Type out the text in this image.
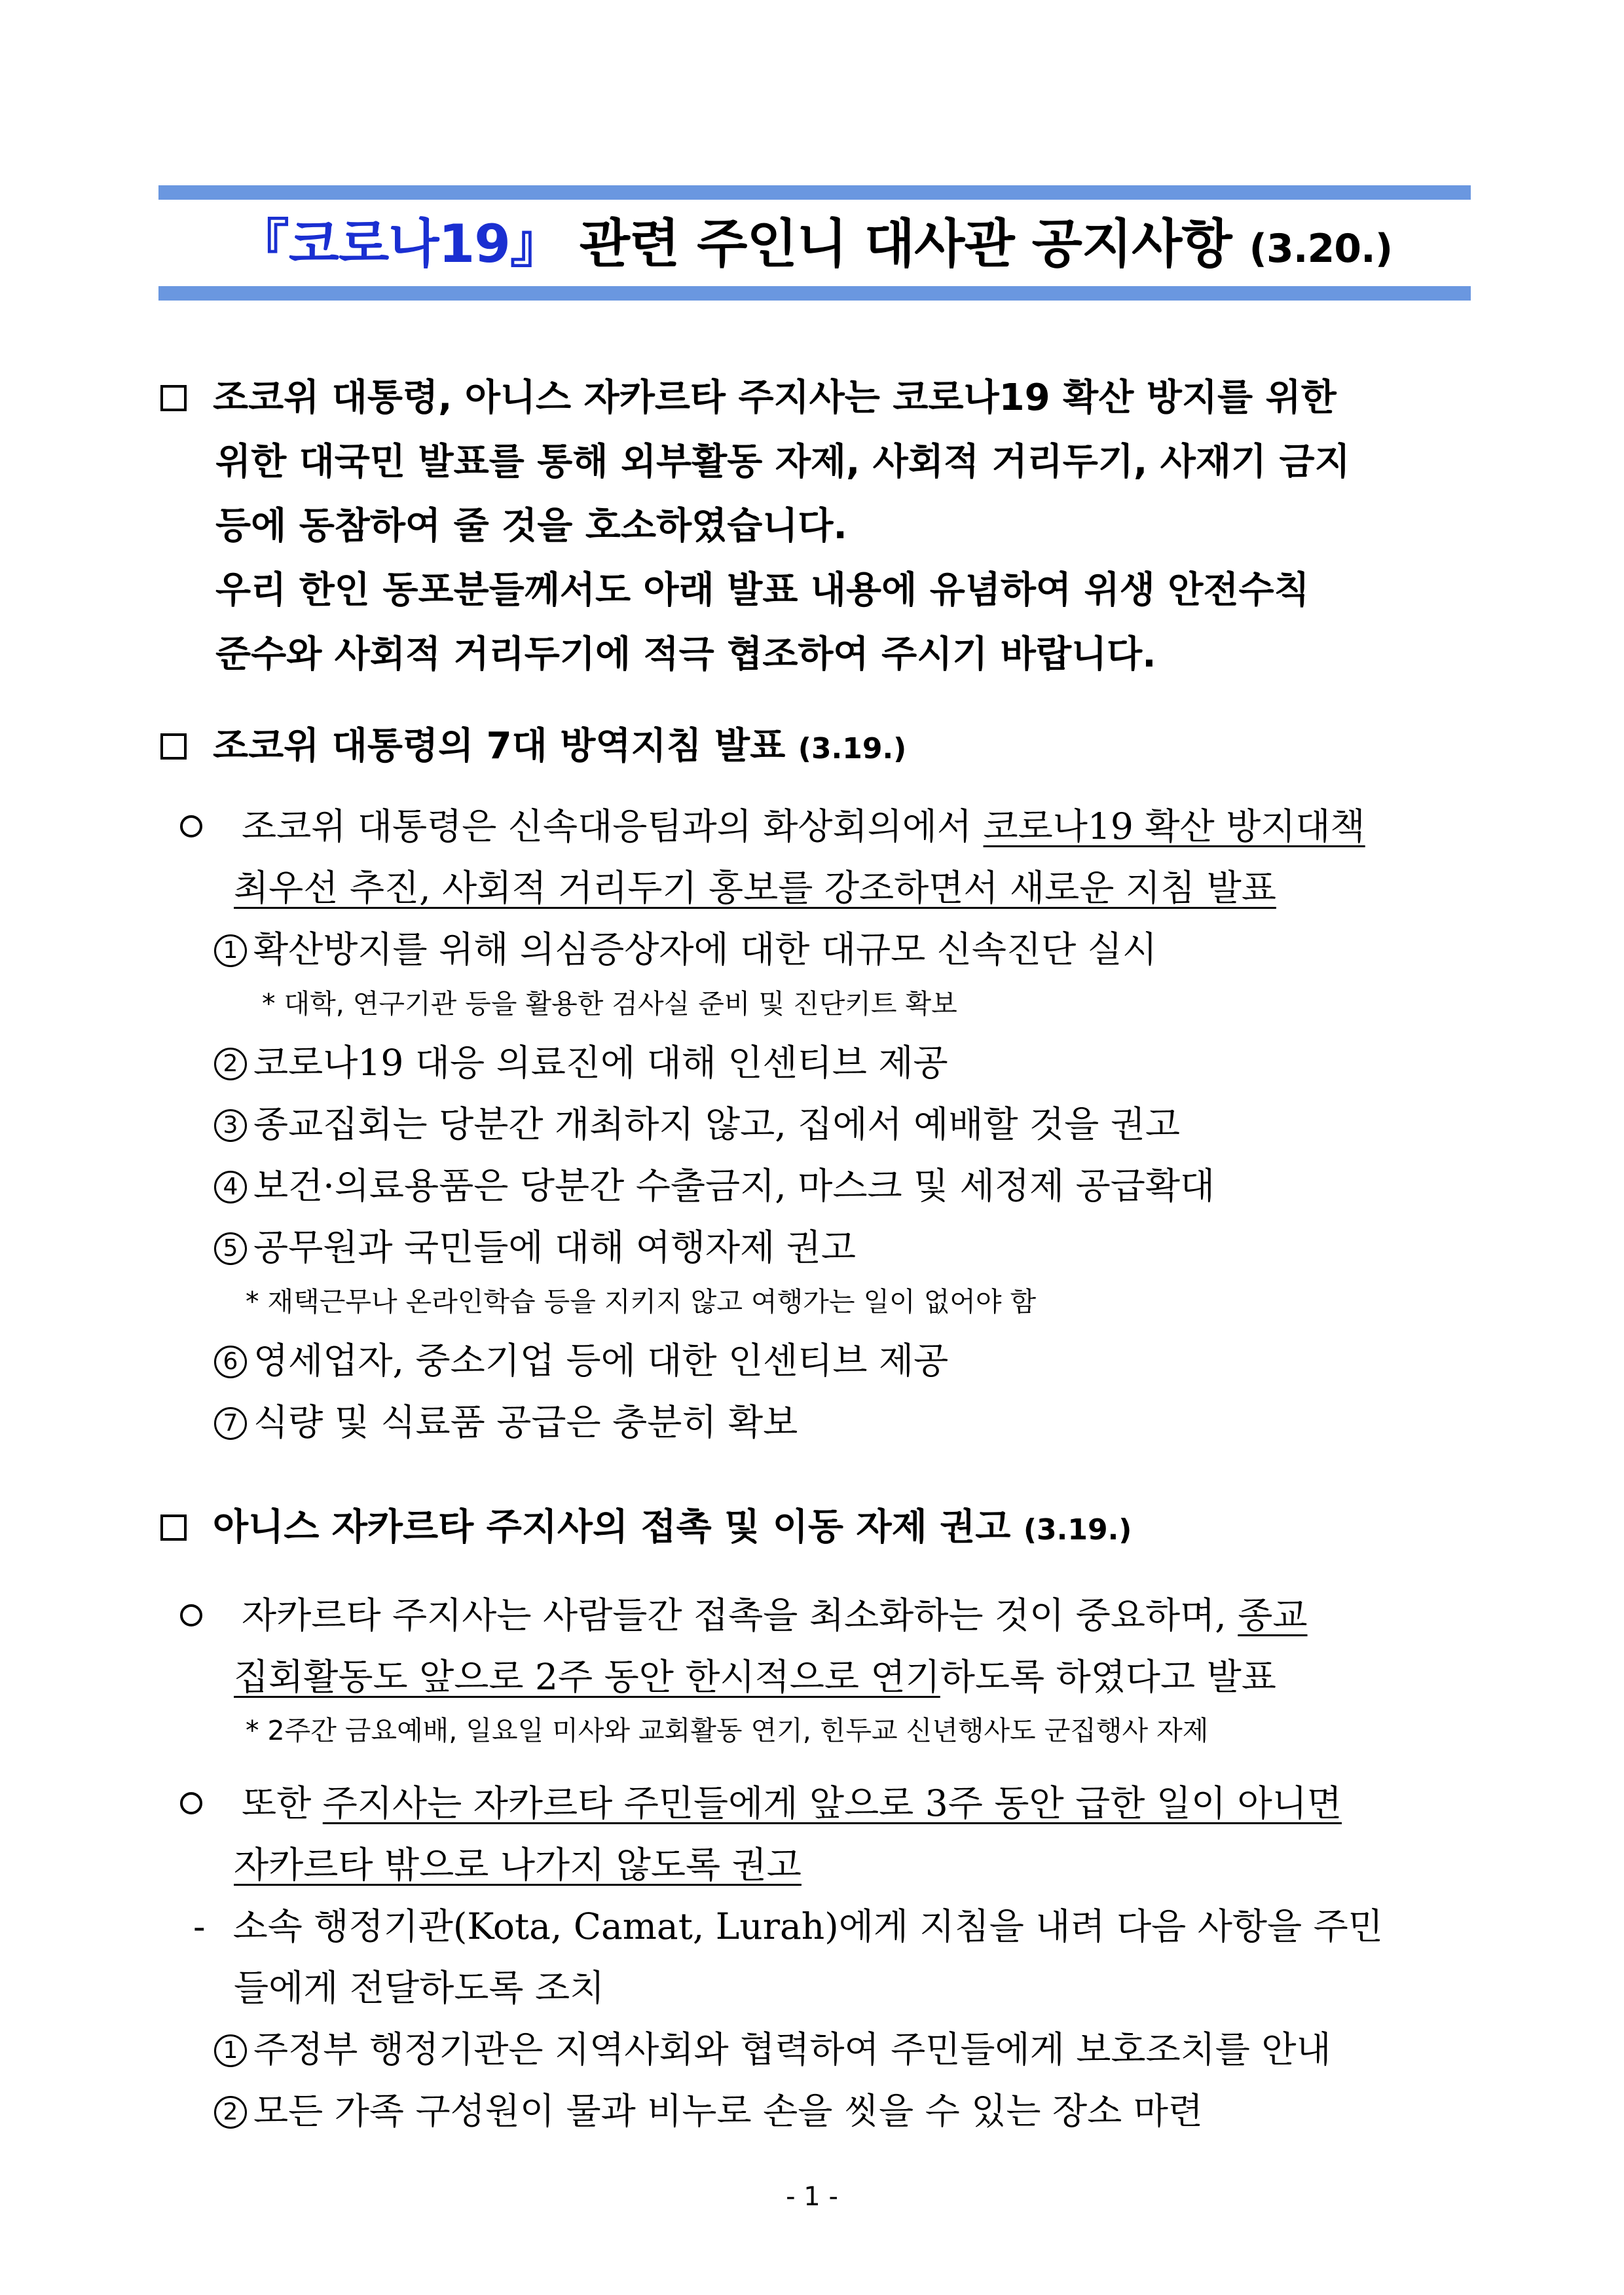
『코로나19』 관련 주인니 대사관 공지사항 (3.20.)
조코위 대통령, 아니스 자카르타 주지사는 코로나19 확산 방지를 위한
위한 대국민 발표를 통해 외부활동 자제, 사회적 거리두기, 사재기 금지
등에 동참하여 줄 것을 호소하였습니다.
우리 한인 동포분들께서도 아래 발표 내용에 유념하여 위생 안전수칙
준수와 사회적 거리두기에 적극 협조하여 주시기 바랍니다.
조코위 대통령의 7대 방역지침 발표 (3.19.)
조코위 대통령은 신속대응팀과의 화상회의에서 코로나19 확산 방지대책
최우선 추진, 사회적 거리두기 홍보를 강조하면서 새로운 지침 발표
1 확산방지를 위해 의심증상자에 대한 대규모 신속진단 실시
* 대학, 연구기관 등을 활용한 검사실 준비 및 진단키트 확보
2 코로나19 대응 의료진에 대해 인센티브 제공
3 종교집회는 당분간 개최하지 않고, 집에서 예배할 것을 권고
4 보건·의료용품은 당분간 수출금지, 마스크 및 세정제 공급확대
5 공무원과 국민들에 대해 여행자제 권고
* 재택근무나 온라인학습 등을 지키지 않고 여행가는 일이 없어야 함
6 영세업자, 중소기업 등에 대한 인센티브 제공
7 식량 및 식료품 공급은 충분히 확보
아니스 자카르타 주지사의 접촉 및 이동 자제 권고 (3.19.)
자카르타 주지사는 사람들간 접촉을 최소화하는 것이 중요하며, 종교
집회활동도 앞으로 2주 동안 한시적으로 연기하도록 하였다고 발표
* 2주간 금요예배, 일요일 미사와 교회활동 연기, 힌두교 신년행사도 군집행사 자제
또한 주지사는 자카르타 주민들에게 앞으로 3주 동안 급한 일이 아니면
자카르타 밖으로 나가지 않도록 권고
- 소속 행정기관(Kota, Camat, Lurah)에게 지침을 내려 다음 사항을 주민
들에게 전달하도록 조치
1 주정부 행정기관은 지역사회와 협력하여 주민들에게 보호조치를 안내
2 모든 가족 구성원이 물과 비누로 손을 씻을 수 있는 장소 마련
- 1 -
